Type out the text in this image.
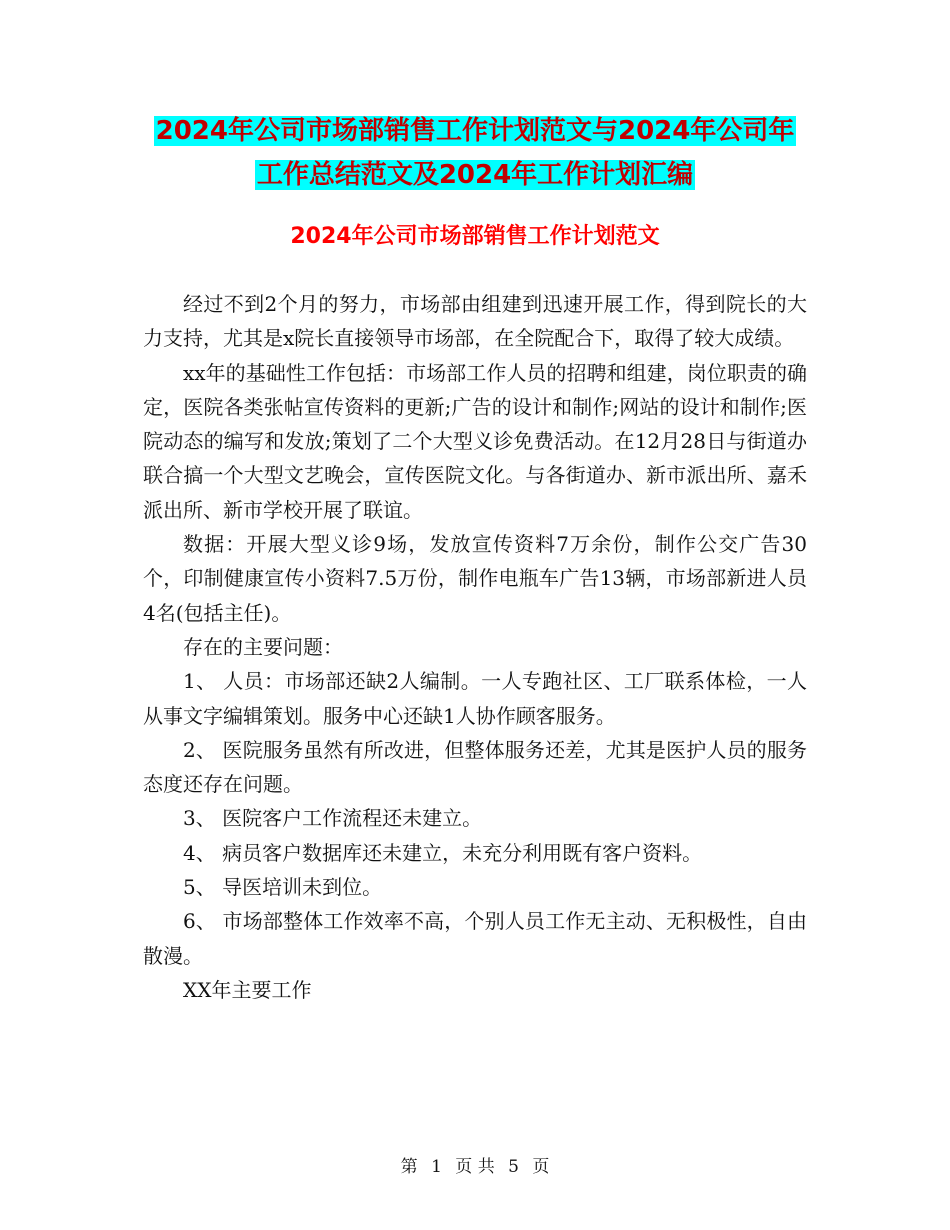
2024年公司市场部销售工作计划范文与2024年公司年
工作总结范文及2024年工作计划汇编
2024年公司市场部销售工作计划范文

经过不到2个月的努力，市场部由组建到迅速开展工作，得到院长的大力支持，尤其是x院长直接领导市场部，在全院配合下，取得了较大成绩。

xx年的基础性工作包括：市场部工作人员的招聘和组建，岗位职责的确定，医院各类张帖宣传资料的更新;广告的设计和制作;网站的设计和制作;医院动态的编写和发放;策划了二个大型义诊免费活动。在12月28日与街道办联合搞一个大型文艺晚会，宣传医院文化。与各街道办、新市派出所、嘉禾派出所、新市学校开展了联谊。

数据：开展大型义诊9场，发放宣传资料7万余份，制作公交广告30个，印制健康宣传小资料7.5万份，制作电瓶车广告13辆，市场部新进人员4名(包括主任)。

存在的主要问题：

1、 人员：市场部还缺2人编制。一人专跑社区、工厂联系体检，一人从事文字编辑策划。服务中心还缺1人协作顾客服务。

2、 医院服务虽然有所改进，但整体服务还差，尤其是医护人员的服务态度还存在问题。

3、 医院客户工作流程还未建立。

4、 病员客户数据库还未建立，未充分利用既有客户资料。

5、 导医培训未到位。

6、 市场部整体工作效率不高，个别人员工作无主动、无积极性，自由散漫。

XX年主要工作

第 1 页 共 5 页
